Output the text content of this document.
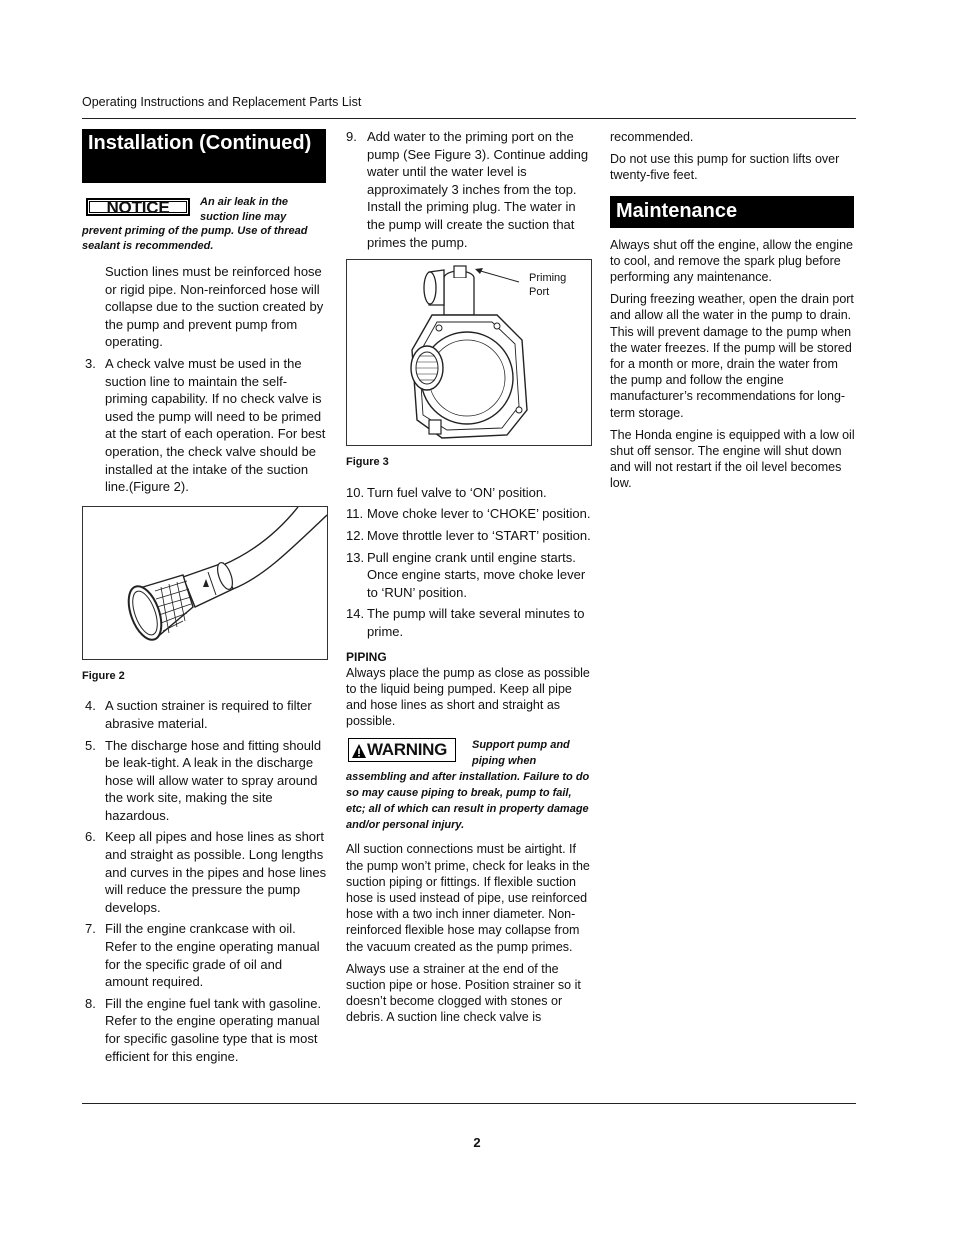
Operating Instructions and Replacement Parts List
Installation (Continued)
NOTICE	An air leak in the suction line may prevent priming of the pump. Use of thread sealant is recommended.
Suction lines must be reinforced hose or rigid pipe. Non-reinforced hose will collapse due to the suction created by the pump and prevent pump from operating.
3. A check valve must be used in the suction line to maintain the self-priming capability. If no check valve is used the pump will need to be primed at the start of each operation. For best operation, the check valve should be installed at the intake of the suction line.(Figure 2).
Figure 2
4. A suction strainer is required to filter abrasive material.
5. The discharge hose and fitting should be leak-tight. A leak in the discharge hose will allow water to spray around the work site, making the site hazardous.
6. Keep all pipes and hose lines as short and straight as possible. Long lengths and curves in the pipes and hose lines will reduce the pressure the pump develops.
7. Fill the engine crankcase with oil. Refer to the engine operating manual for the specific grade of oil and amount required.
8. Fill the engine fuel tank with gasoline. Refer to the engine operating manual for specific gasoline type that is most efficient for this engine.
9. Add water to the priming port on the pump (See Figure 3). Continue adding water until the water level is approximately 3 inches from the top. Install the priming plug. The water in the pump will create the suction that primes the pump.
Priming
Port
Figure 3
10. Turn fuel valve to ‘ON’ position.
11. Move choke lever to ‘CHOKE’ position.
12. Move throttle lever to ‘START’ position.
13. Pull engine crank until engine starts. Once engine starts, move choke lever to ‘RUN’ position.
14. The pump will take several minutes to prime.
PIPING

Always place the pump as close as possible to the liquid being pumped. Keep all pipe and hose lines as short and straight as possible.

WARNING Support pump and piping when assembling and after installation. Failure to do so may cause piping to break, pump to fail, etc; all of which can result in property damage and/or personal injury.

All suction connections must be airtight. If the pump won’t prime, check for leaks in the suction piping or fittings. If flexible suction hose is used instead of pipe, use reinforced hose with a two inch inner diameter. Non-reinforced flexible hose may collapse from the vacuum created as the pump primes.

Always use a strainer at the end of the suction pipe or hose. Position strainer so it doesn’t become clogged with stones or debris. A suction line check valve is

recommended.

Do not use this pump for suction lifts over twenty-five feet.

Maintenance

Always shut off the engine, allow the engine to cool, and remove the spark plug before performing any maintenance.

During freezing weather, open the drain port and allow all the water in the pump to drain. This will prevent damage to the pump when the water freezes. If the pump will be stored for a month or more, drain the water from the pump and follow the engine manufacturer’s recommendations for long-term storage.

The Honda engine is equipped with a low oil shut off sensor. The engine will shut down and will not restart if the oil level becomes low.

2
